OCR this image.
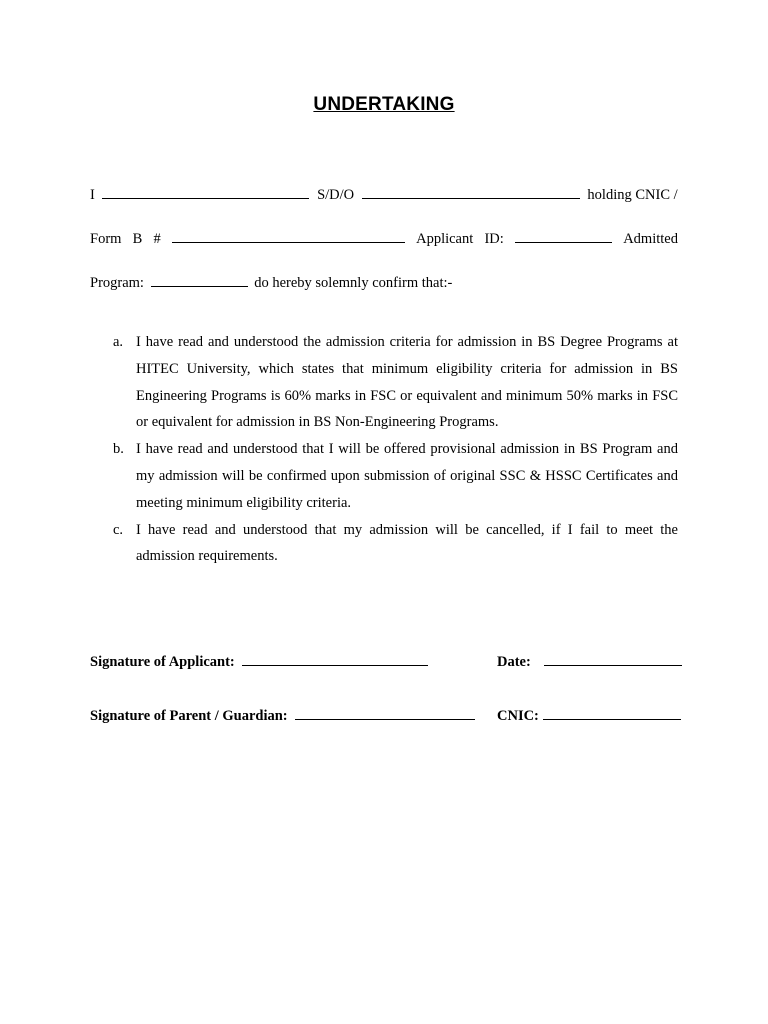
UNDERTAKING
I	S/D/O	holding CNIC /
Form B #	Applicant ID:	Admitted
Program:	do hereby solemnly confirm that:-
a. I have read and understood the admission criteria for admission in BS Degree Programs at HITEC University, which states that minimum eligibility criteria for admission in BS Engineering Programs is 60% marks in FSC or equivalent and minimum 50% marks in FSC or equivalent for admission in BS Non-Engineering Programs.
b. I have read and understood that I will be offered provisional admission in BS Program and my admission will be confirmed upon submission of original SSC & HSSC Certificates and meeting minimum eligibility criteria.
c. I have read and understood that my admission will be cancelled, if I fail to meet the admission requirements.
Signature of Applicant:	Date:
Signature of Parent / Guardian:	CNIC:
